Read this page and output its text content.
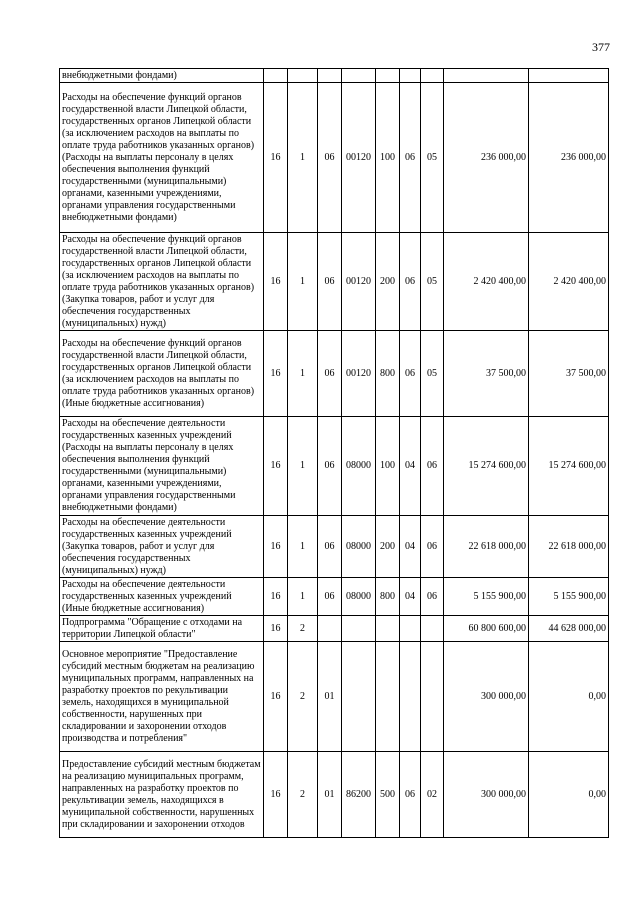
377
внебюджетными фондами)									
Расходы на обеспечение функций органов государственной власти Липецкой области, государственных органов Липецкой области (за исключением расходов на выплаты по оплате труда работников указанных органов) (Расходы на выплаты персоналу в целях обеспечения выполнения функций государственными (муниципальными) органами, казенными учреждениями, органами управления государственными внебюджетными фондами)	16	1	06	00120	100	06	05	236 000,00	236 000,00
Расходы на обеспечение функций органов государственной власти Липецкой области, государственных органов Липецкой области (за исключением расходов на выплаты по оплате труда работников указанных органов) (Закупка товаров, работ и услуг для обеспечения государственных (муниципальных) нужд)	16	1	06	00120	200	06	05	2 420 400,00	2 420 400,00
Расходы на обеспечение функций органов государственной власти Липецкой области, государственных органов Липецкой области (за исключением расходов на выплаты по оплате труда работников указанных органов) (Иные бюджетные ассигнования)	16	1	06	00120	800	06	05	37 500,00	37 500,00
Расходы на обеспечение деятельности государственных казенных учреждений (Расходы на выплаты персоналу в целях обеспечения выполнения функций государственными (муниципальными) органами, казенными учреждениями, органами управления государственными внебюджетными фондами)	16	1	06	08000	100	04	06	15 274 600,00	15 274 600,00
Расходы на обеспечение деятельности государственных казенных учреждений (Закупка товаров, работ и услуг для обеспечения государственных (муниципальных) нужд)	16	1	06	08000	200	04	06	22 618 000,00	22 618 000,00
Расходы на обеспечение деятельности государственных казенных учреждений (Иные бюджетные ассигнования)	16	1	06	08000	800	04	06	5 155 900,00	5 155 900,00
Подпрограмма "Обращение с отходами на территории Липецкой области"	16	2						60 800 600,00	44 628 000,00
Основное мероприятие "Предоставление субсидий местным бюджетам на реализацию муниципальных программ, направленных на разработку проектов по рекультивации земель, находящихся в муниципальной собственности, нарушенных при складировании и захоронении отходов производства и потребления"	16	2	01					300 000,00	0,00
Предоставление субсидий местным бюджетам на реализацию муниципальных программ, направленных на разработку проектов по рекультивации земель, находящихся в муниципальной собственности, нарушенных при складировании и захоронении отходов	16	2	01	86200	500	06	02	300 000,00	0,00
